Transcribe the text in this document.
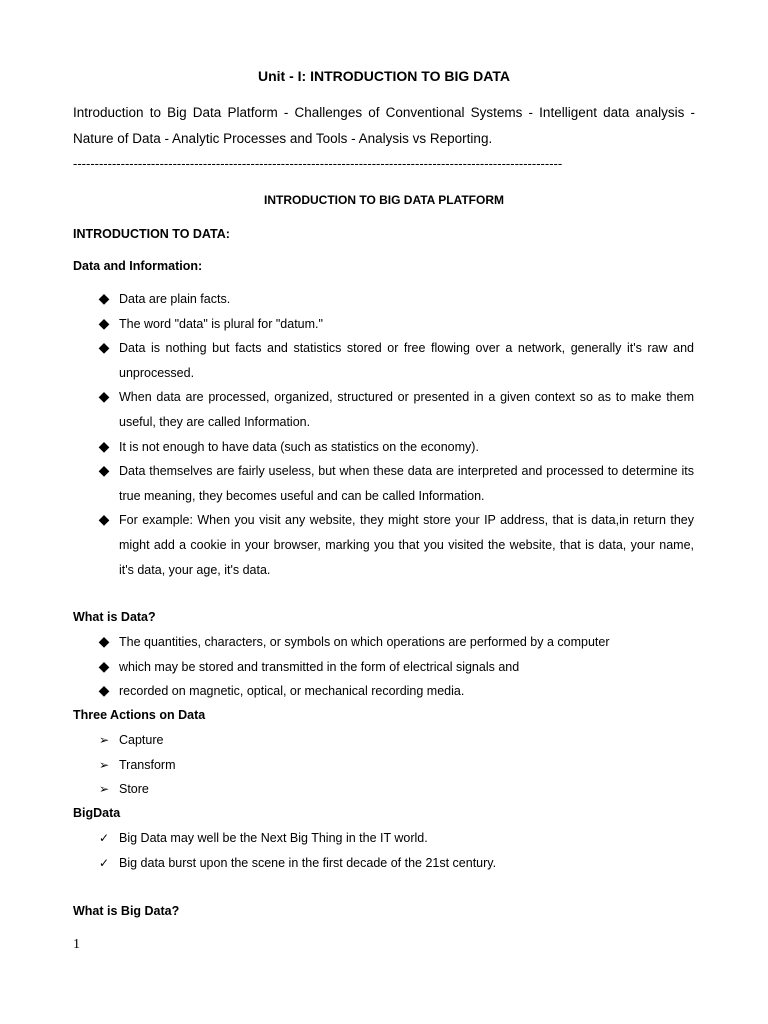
Unit - I: INTRODUCTION TO BIG DATA
Introduction to Big Data Platform - Challenges of Conventional Systems - Intelligent data analysis - Nature of Data - Analytic Processes and Tools - Analysis vs Reporting.
-----------------------------------------------------------------------------------------------------------------
INTRODUCTION TO BIG DATA PLATFORM
INTRODUCTION TO DATA:
Data and Information:
◆ Data are plain facts.
◆ The word "data" is plural for "datum."
◆ Data is nothing but facts and statistics stored or free flowing over a network, generally it's raw and unprocessed.
◆ When data are processed, organized, structured or presented in a given context so as to make them useful, they are called Information.
◆ It is not enough to have data (such as statistics on the economy).
◆ Data themselves are fairly useless, but when these data are interpreted and processed to determine its true meaning, they becomes useful and can be called Information.
◆ For example: When you visit any website, they might store your IP address, that is data,in return they might add a cookie in your browser, marking you that you visited the website, that is data, your name, it's data, your age, it's data.
What is Data?
◆ The quantities, characters, or symbols on which operations are performed by a computer
◆ which may be stored and transmitted in the form of electrical signals and
◆ recorded on magnetic, optical, or mechanical recording media.
Three Actions on Data
➢ Capture
➢ Transform
➢ Store
BigData
✓ Big Data may well be the Next Big Thing in the IT world.
✓ Big data burst upon the scene in the first decade of the 21st century.
What is Big Data?
1
